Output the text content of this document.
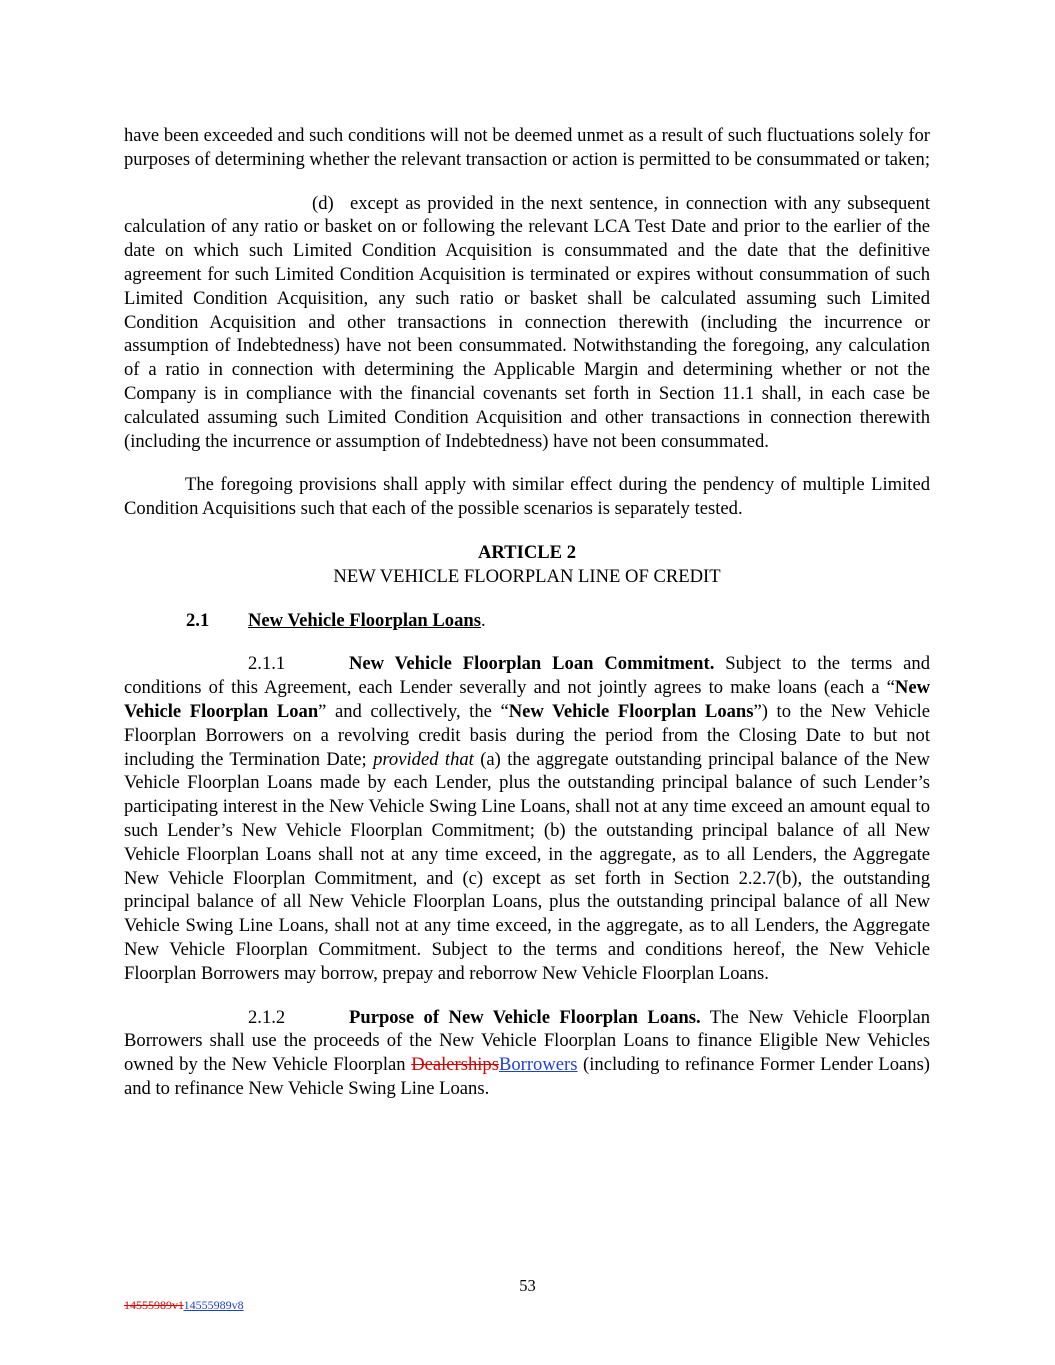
have been exceeded and such conditions will not be deemed unmet as a result of such fluctuations solely for purposes of determining whether the relevant transaction or action is permitted to be consummated or taken;

(d) except as provided in the next sentence, in connection with any subsequent calculation of any ratio or basket on or following the relevant LCA Test Date and prior to the earlier of the date on which such Limited Condition Acquisition is consummated and the date that the definitive agreement for such Limited Condition Acquisition is terminated or expires without consummation of such Limited Condition Acquisition, any such ratio or basket shall be calculated assuming such Limited Condition Acquisition and other transactions in connection therewith (including the incurrence or assumption of Indebtedness) have not been consummated. Notwithstanding the foregoing, any calculation of a ratio in connection with determining the Applicable Margin and determining whether or not the Company is in compliance with the financial covenants set forth in Section 11.1 shall, in each case be calculated assuming such Limited Condition Acquisition and other transactions in connection therewith (including the incurrence or assumption of Indebtedness) have not been consummated.

The foregoing provisions shall apply with similar effect during the pendency of multiple Limited Condition Acquisitions such that each of the possible scenarios is separately tested.

ARTICLE 2

NEW VEHICLE FLOORPLAN LINE OF CREDIT

2.1 New Vehicle Floorplan Loans.

2.1.1	New Vehicle Floorplan Loan Commitment. Subject to the terms and conditions of this Agreement, each Lender severally and not jointly agrees to make loans (each a “New Vehicle Floorplan Loan” and collectively, the “New Vehicle Floorplan Loans”) to the New Vehicle Floorplan Borrowers on a revolving credit basis during the period from the Closing Date to but not including the Termination Date; provided that (a) the aggregate outstanding principal balance of the New Vehicle Floorplan Loans made by each Lender, plus the outstanding principal balance of such Lender’s participating interest in the New Vehicle Swing Line Loans, shall not at any time exceed an amount equal to such Lender’s New Vehicle Floorplan Commitment; (b) the outstanding principal balance of all New Vehicle Floorplan Loans shall not at any time exceed, in the aggregate, as to all Lenders, the Aggregate New Vehicle Floorplan Commitment, and (c) except as set forth in Section 2.2.7(b), the outstanding principal balance of all New Vehicle Floorplan Loans, plus the outstanding principal balance of all New Vehicle Swing Line Loans, shall not at any time exceed, in the aggregate, as to all Lenders, the Aggregate New Vehicle Floorplan Commitment. Subject to the terms and conditions hereof, the New Vehicle Floorplan Borrowers may borrow, prepay and reborrow New Vehicle Floorplan Loans.

2.1.2	Purpose of New Vehicle Floorplan Loans. The New Vehicle Floorplan Borrowers shall use the proceeds of the New Vehicle Floorplan Loans to finance Eligible New Vehicles owned by the New Vehicle Floorplan DealershipsBorrowers (including to refinance Former Lender Loans) and to refinance New Vehicle Swing Line Loans.

53
14555989v114555989v8
